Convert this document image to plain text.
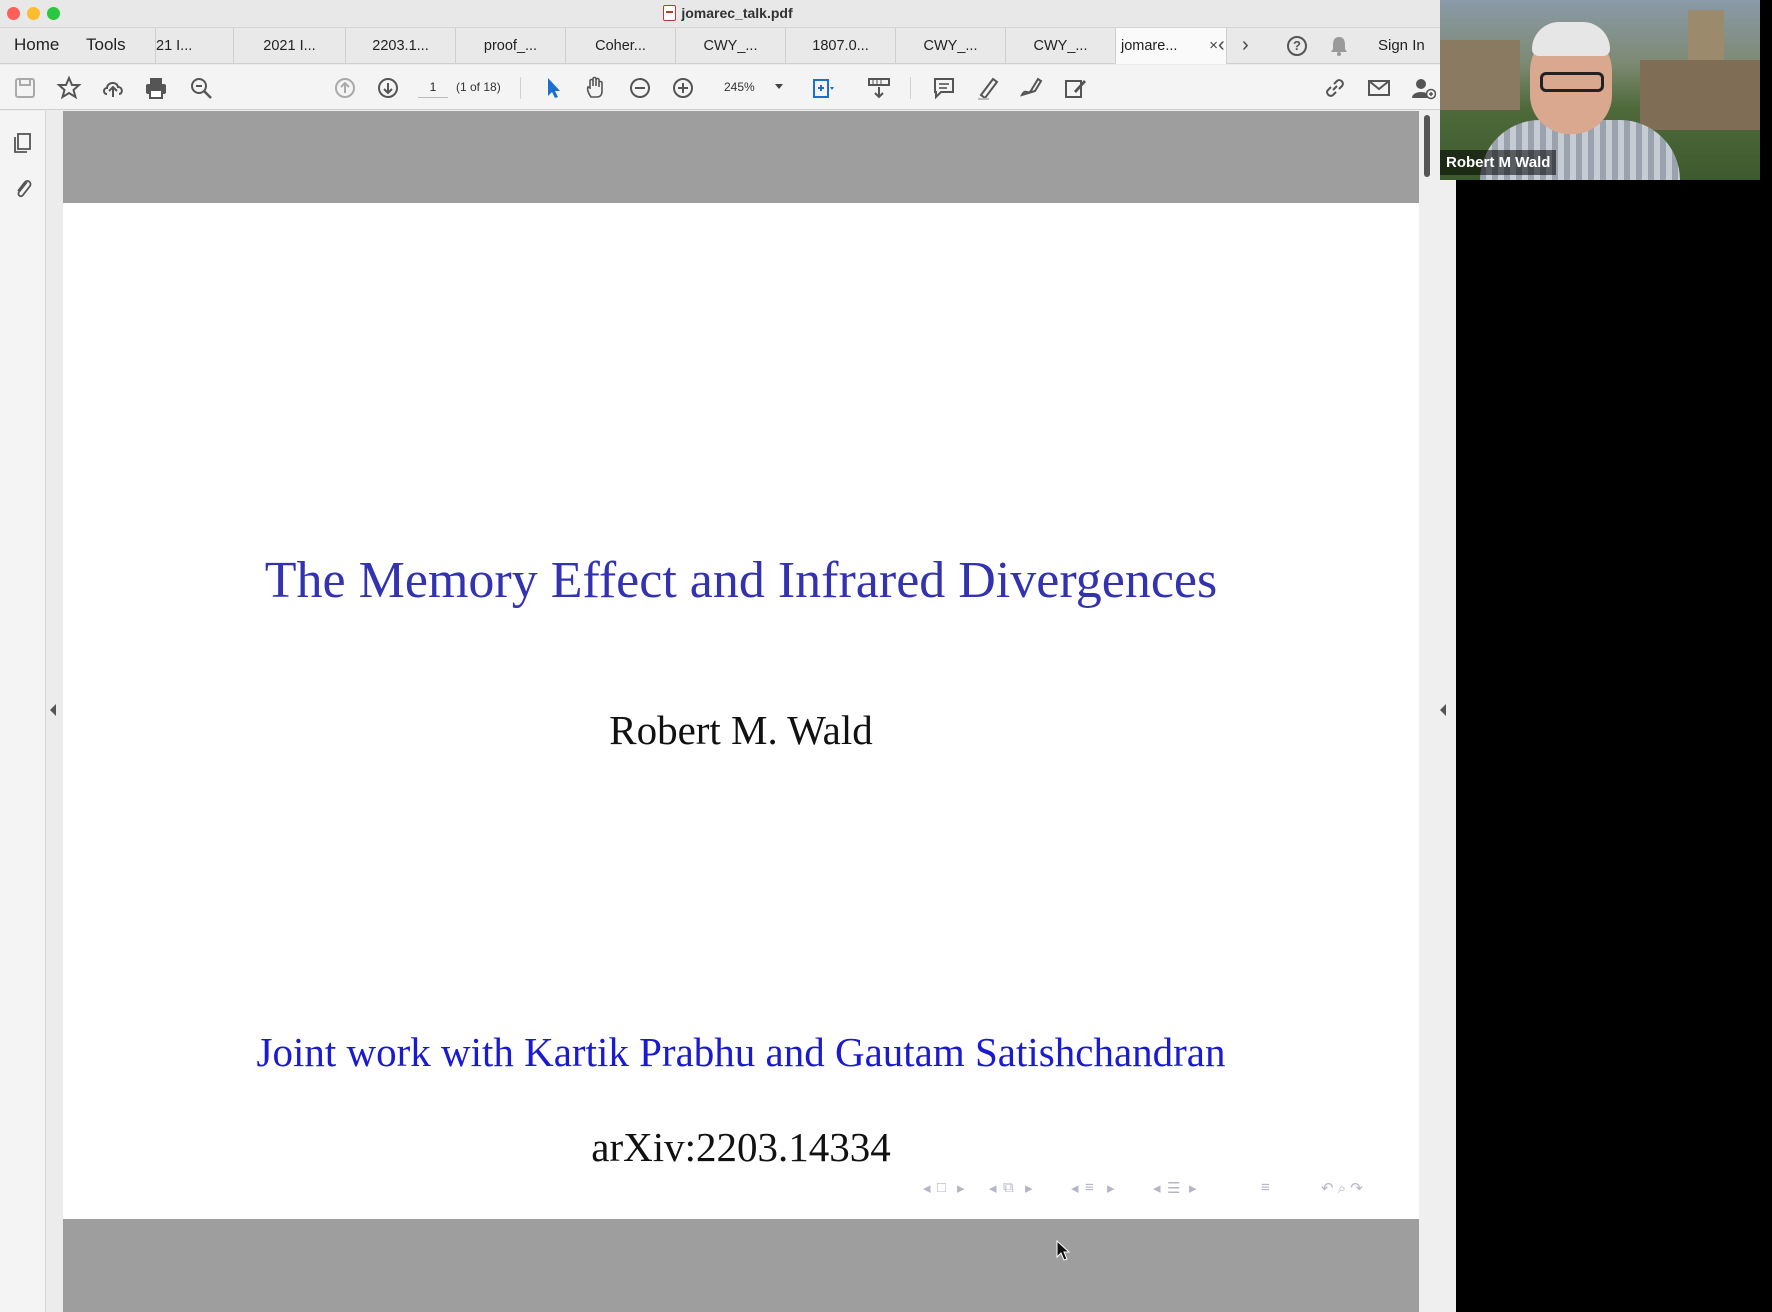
jomarec_talk.pdf
Home Tools 21 I...	2021 I...	2203.1...	proof_...	Coher...	CWY_...	1807.0...	CWY_...	CWY_...	jomare... × ‹ ›	?	Sign In
1
(1 of 18)	245%
The Memory Effect and Infrared Divergences
Robert M. Wald
Joint work with Kartik Prabhu and Gautam Satishchandran
arXiv:2203.14334
◂ □ ▸ ◂ ⧉ ▸	◂ ≡ ▸	◂ ☰ ▸	≡	↶ ⌕ ↷
Robert M Wald
